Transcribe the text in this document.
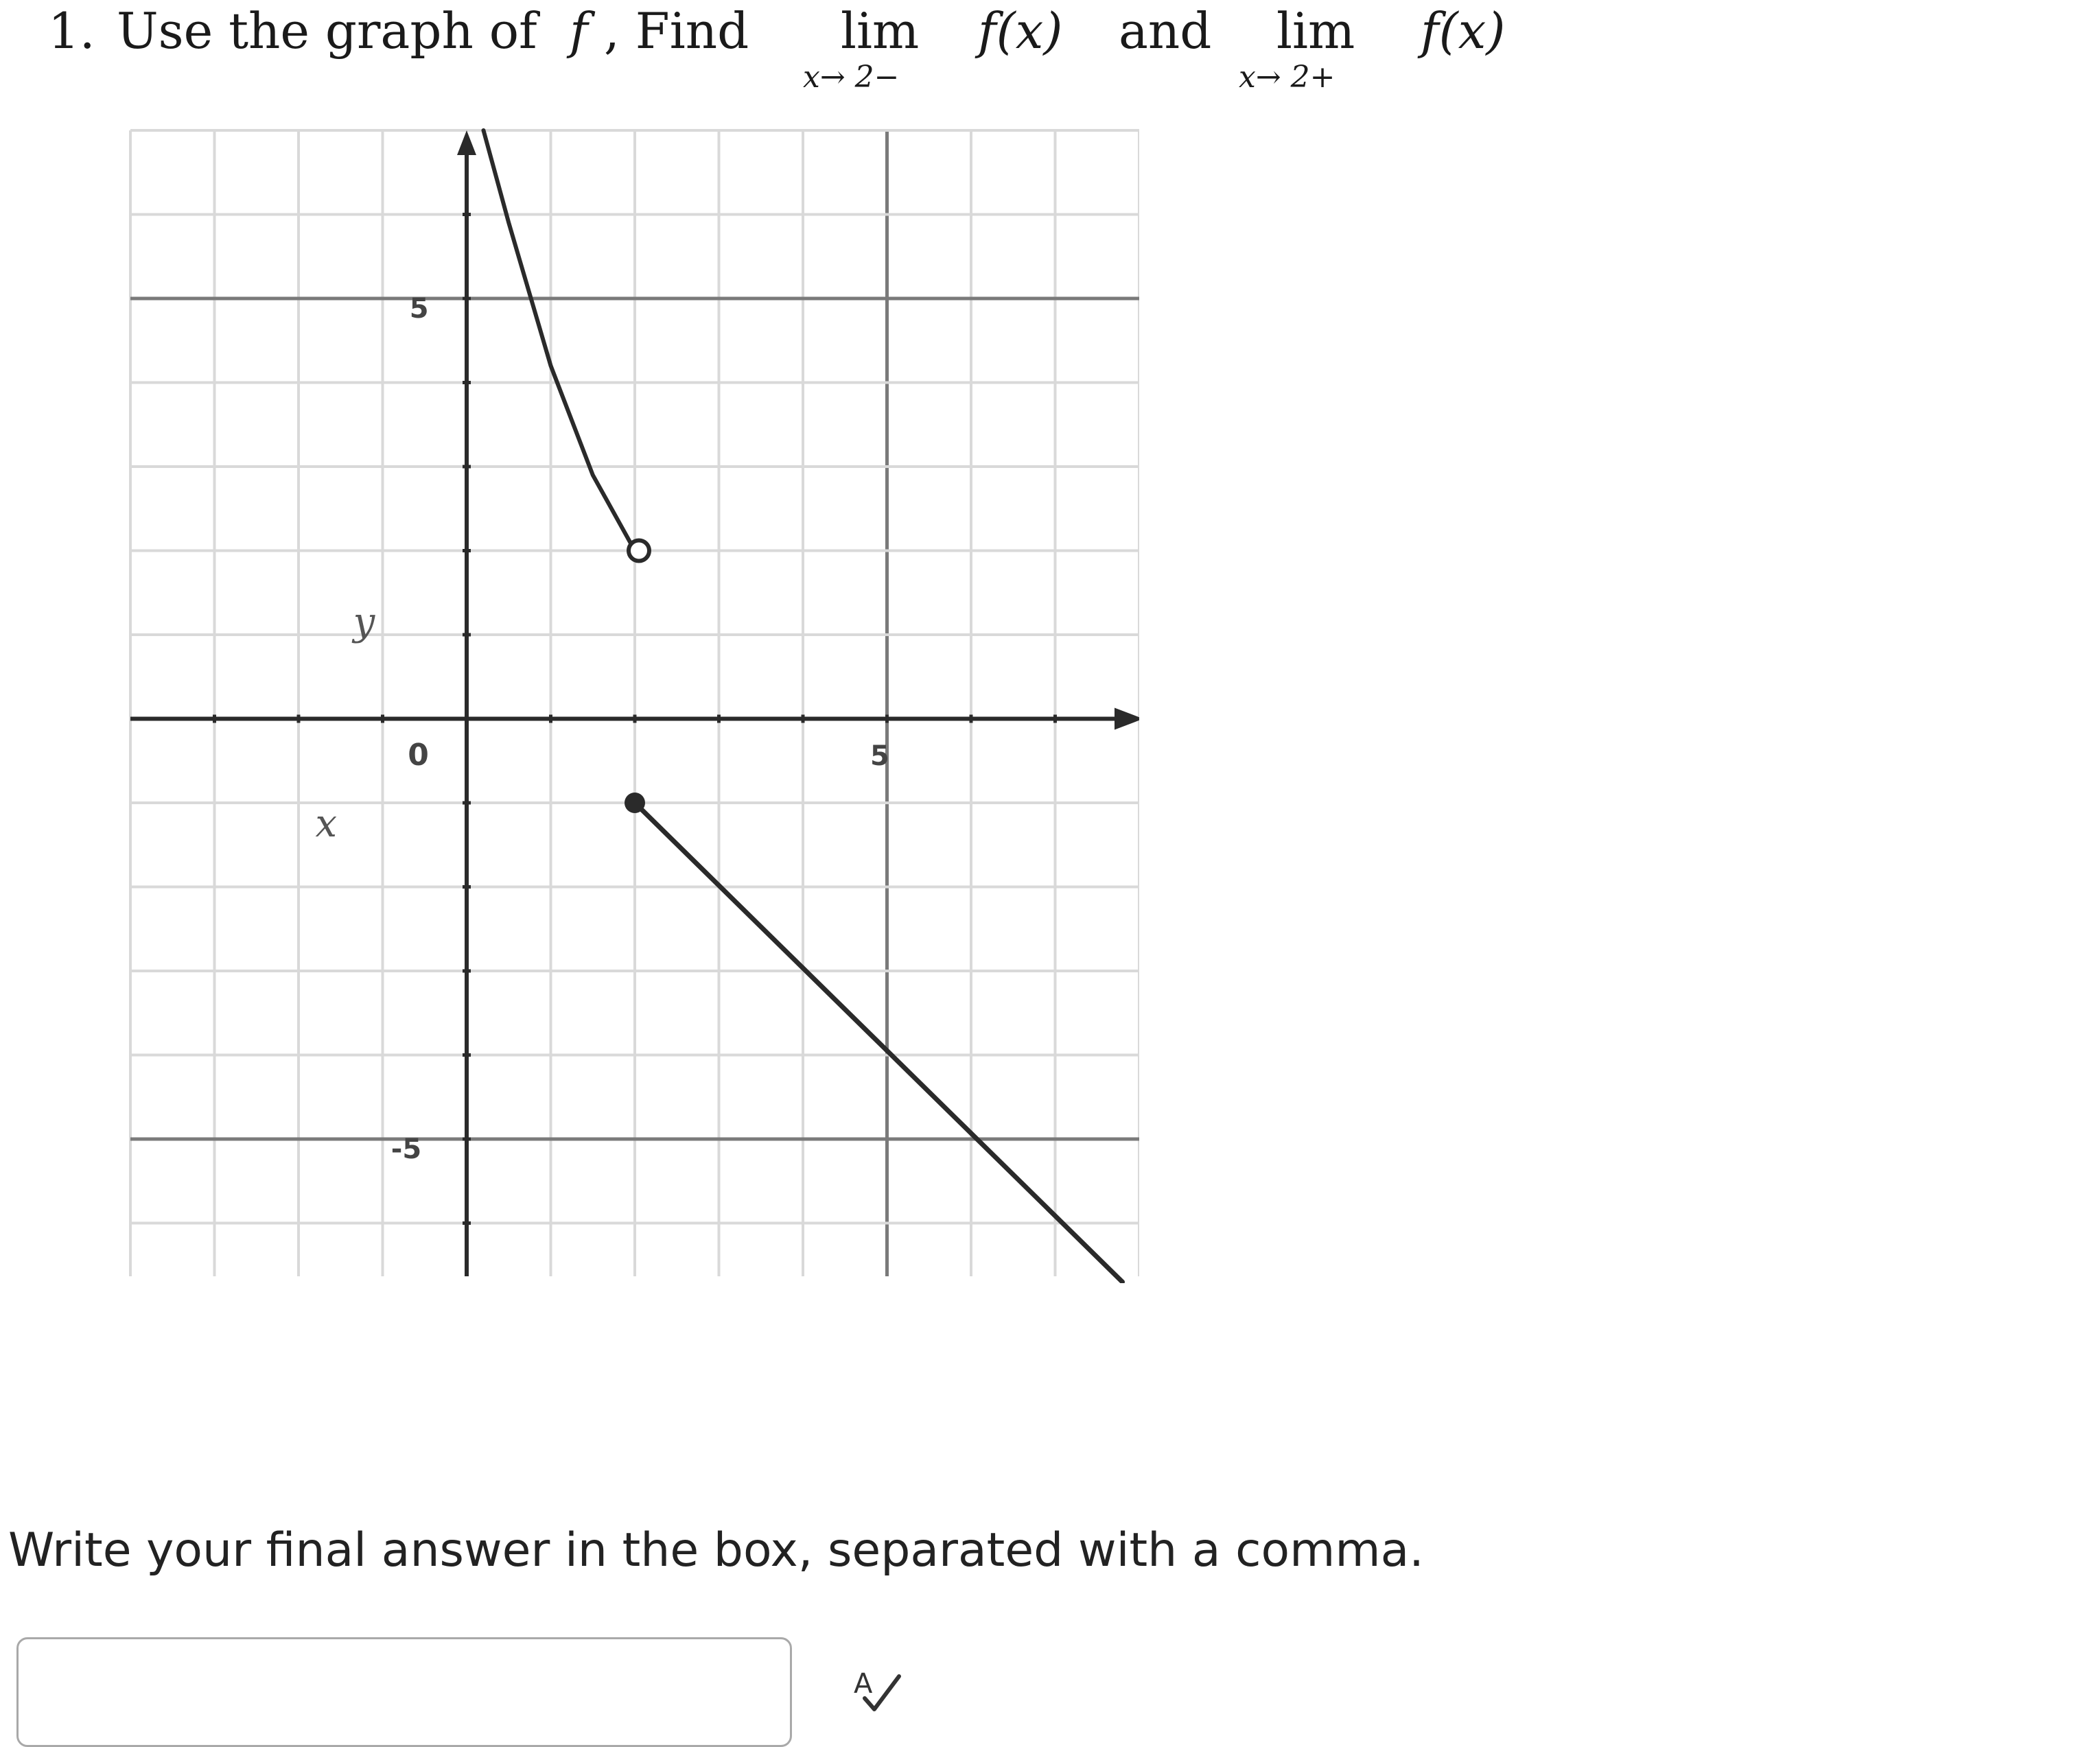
1. Use the graph of f , Find lim
x→ 2−
f(x) and lim
x→ 2+
f(x)
y
x
0
5
-5
5
Write your final answer in the box, separated with a comma.
A
